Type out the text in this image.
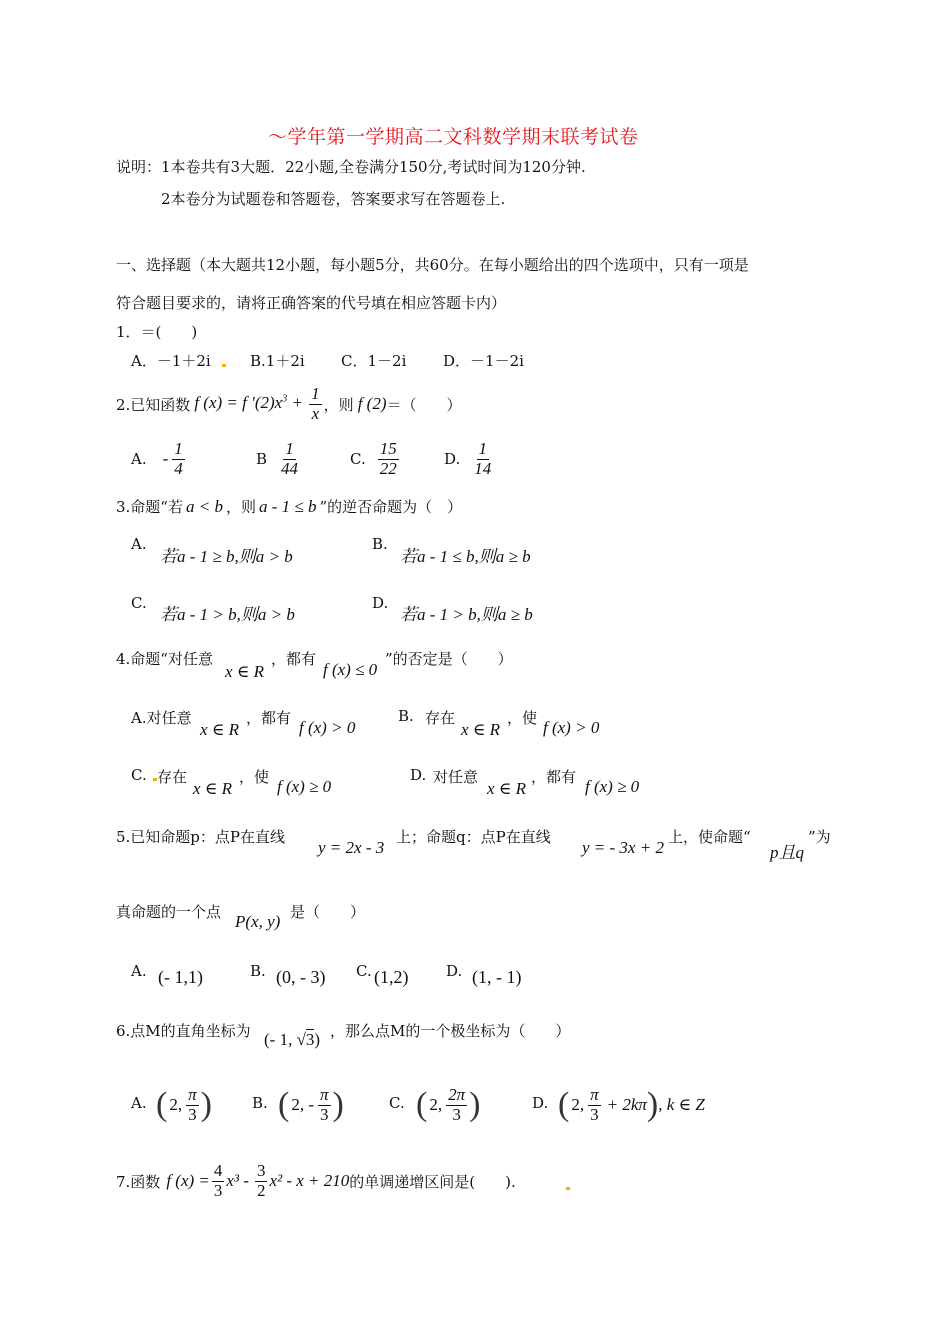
～学年第一学期高二文科数学期末联考试卷
说明：1本卷共有3大题．22小题,全卷满分150分,考试时间为120分钟.
2本卷分为试题卷和答题卷，答案要求写在答题卷上.
一、选择题（本大题共12小题，每小题5分，共60分。在每小题给出的四个选项中，只有一项是
符合题目要求的，请将正确答案的代号填在相应答题卡内）
1．＝(　　)
A．－1＋2i	B.1＋2i C．1－2i D．－1－2i
2.已知函数 f (x) = f $'(2)x^3 + \frac{1}{x}$ ，则 f (2) ＝（　　）
A. - $\frac{1}{4}$	B $\frac{1}{44}$	C. $\frac{15}{22}$	D. $\frac{1}{14}$
3.命题“若 a < b ，则 a - 1 ≤ b ”的逆否命题为（　）
A.
若a - 1 ≥ b,则a > b
B.
若a - 1 ≤ b,则a ≥ b
C.
若a - 1 > b,则a > b
D.
若a - 1 > b,则a ≥ b
4.命题“对任意
x ∈ R
，都有
f (x) ≤ 0
”的否定是（　　）
A.对任意
x ∈ R
，都有 f (x) > 0
B. 存在
x ∈ R
，使 f (x) > 0
C. 存在
x ∈ R
，使 f (x) ≥ 0
D. 对任意
x ∈ R
，都有 f (x) ≥ 0
5.已知命题p：点P在直线
y = 2x - 3
上；命题q：点P在直线
y = - 3x + 2
上，使命题“
p且q
”为
真命题的一个点 P(x, y) 是（　　）
A. (- 1,1)	B. (0, - 3) C. (1,2)	D. (1, - 1)
6.点M的直角坐标为 (- 1, √3) ，那么点M的一个极坐标为（　　）
A. ( 2, $\frac{\pi}{3}$ )	B. ( 2, - $\frac{\pi}{3}$ )	C. ( 2, $\frac{2\pi}{3}$ )	D. ( 2, $\frac{\pi}{3} + 2k\pi$ ) , k ∈ Z
7.函数 f $(x) = \frac{4}{3} x^3 - \frac{3}{2} x^2 - x + 210$ 的单调递增区间是(　　).
